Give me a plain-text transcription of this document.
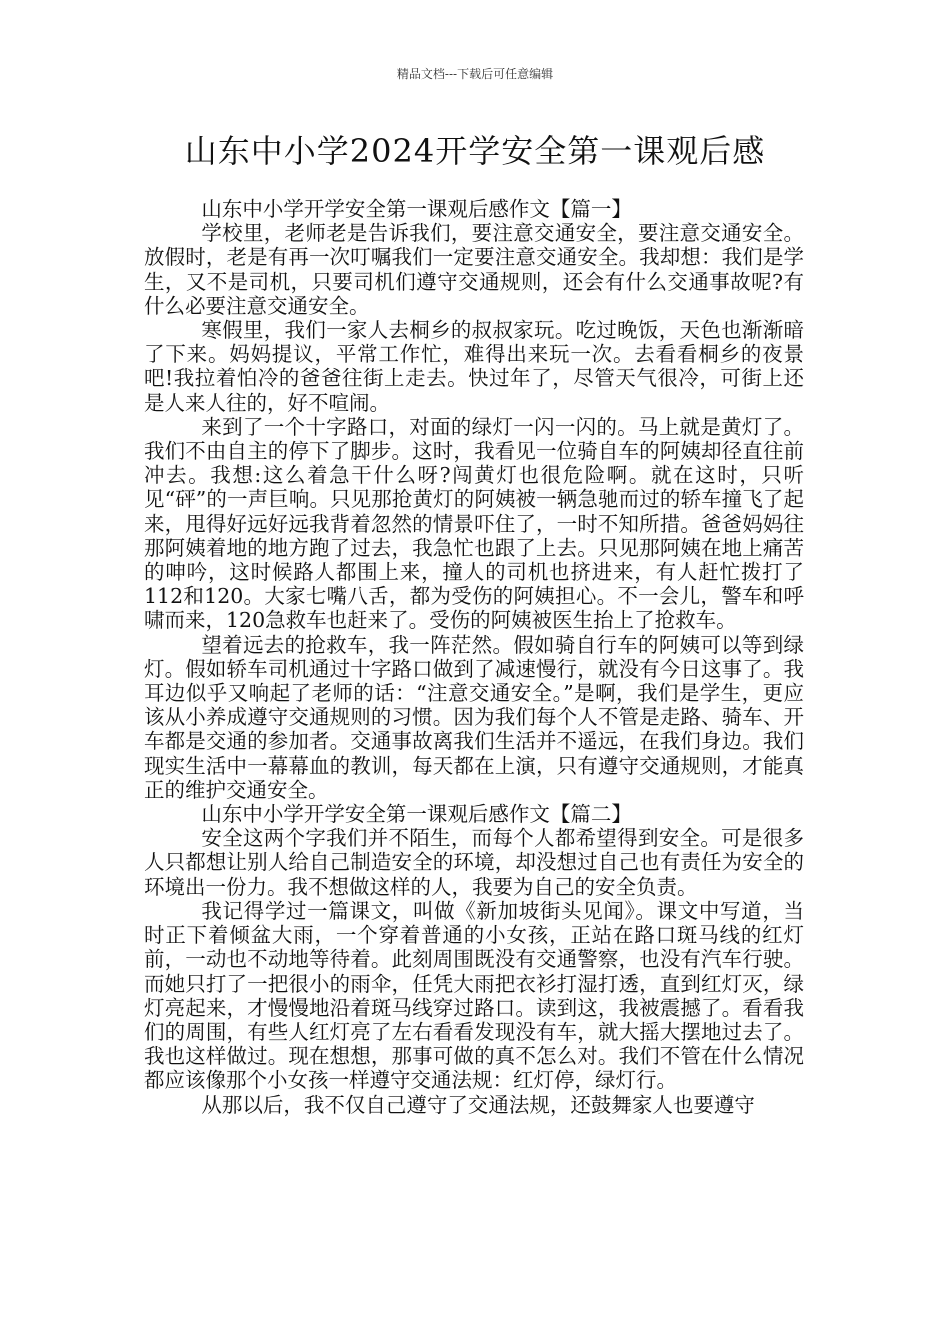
精品文档---下载后可任意编辑
山东中小学2024开学安全第一课观后感

山东中小学开学安全第一课观后感作文【篇一】

学校里，老师老是告诉我们，要注意交通安全，要注意交通安全。放假时，老是有再一次叮嘱我们一定要注意交通安全。我却想：我们是学生，又不是司机，只要司机们遵守交通规则，还会有什么交通事故呢?有什么必要注意交通安全。

寒假里，我们一家人去桐乡的叔叔家玩。吃过晚饭，天色也渐渐暗了下来。妈妈提议，平常工作忙，难得出来玩一次。去看看桐乡的夜景吧!我拉着怕冷的爸爸往街上走去。快过年了，尽管天气很冷，可街上还是人来人往的，好不喧闹。

来到了一个十字路口，对面的绿灯一闪一闪的。马上就是黄灯了。我们不由自主的停下了脚步。这时，我看见一位骑自车的阿姨却径直往前冲去。我想:这么着急干什么呀?闯黄灯也很危险啊。就在这时，只听见“砰”的一声巨响。只见那抢黄灯的阿姨被一辆急驰而过的轿车撞飞了起来，甩得好远好远我背着忽然的情景吓住了，一时不知所措。爸爸妈妈往那阿姨着地的地方跑了过去，我急忙也跟了上去。只见那阿姨在地上痛苦的呻吟，这时候路人都围上来，撞人的司机也挤进来，有人赶忙拨打了112和120。大家七嘴八舌，都为受伤的阿姨担心。不一会儿，警车和呼啸而来，120急救车也赶来了。受伤的阿姨被医生抬上了抢救车。

望着远去的抢救车，我一阵茫然。假如骑自行车的阿姨可以等到绿灯。假如轿车司机通过十字路口做到了减速慢行，就没有今日这事了。我耳边似乎又响起了老师的话：“注意交通安全。”是啊，我们是学生，更应该从小养成遵守交通规则的习惯。因为我们每个人不管是走路、骑车、开车都是交通的参加者。交通事故离我们生活并不遥远，在我们身边。我们现实生活中一幕幕血的教训，每天都在上演，只有遵守交通规则，才能真正的维护交通安全。

山东中小学开学安全第一课观后感作文【篇二】

安全这两个字我们并不陌生，而每个人都希望得到安全。可是很多人只都想让别人给自己制造安全的环境，却没想过自己也有责任为安全的环境出一份力。我不想做这样的人，我要为自己的安全负责。

我记得学过一篇课文，叫做《新加坡街头见闻》。课文中写道，当时正下着倾盆大雨，一个穿着普通的小女孩，正站在路口斑马线的红灯前，一动也不动地等待着。此刻周围既没有交通警察，也没有汽车行驶。而她只打了一把很小的雨伞，任凭大雨把衣衫打湿打透，直到红灯灭，绿灯亮起来，才慢慢地沿着斑马线穿过路口。读到这，我被震撼了。看看我们的周围，有些人红灯亮了左右看看发现没有车，就大摇大摆地过去了。我也这样做过。现在想想，那事可做的真不怎么对。我们不管在什么情况都应该像那个小女孩一样遵守交通法规：红灯停，绿灯行。

从那以后，我不仅自己遵守了交通法规，还鼓舞家人也要遵守
